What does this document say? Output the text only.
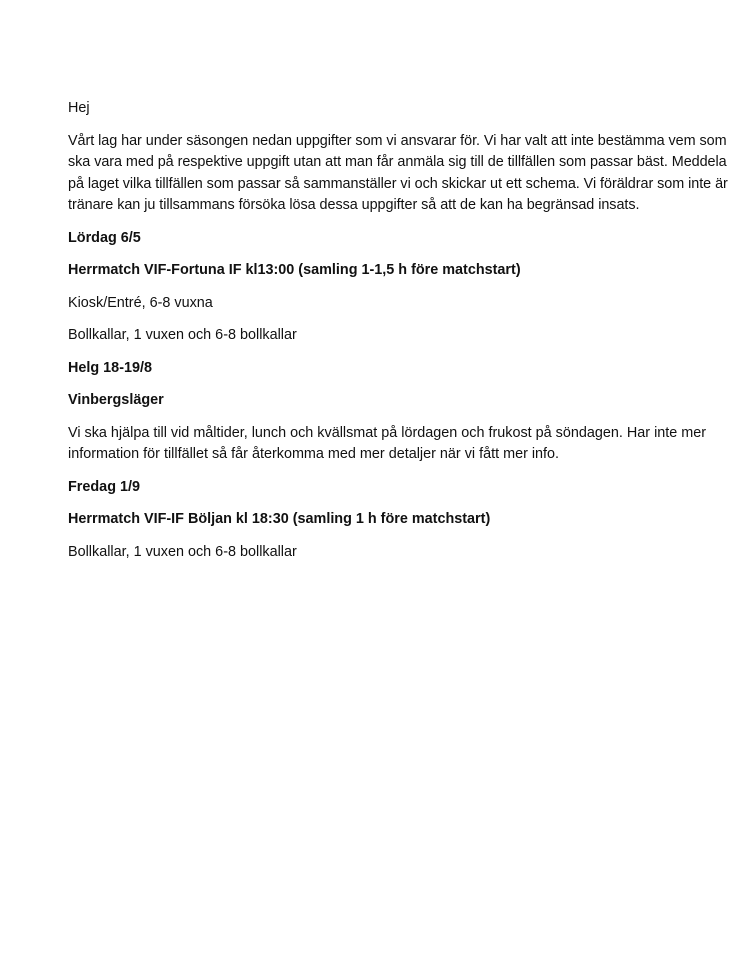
Hej

Vårt lag har under säsongen nedan uppgifter som vi ansvarar för. Vi har valt att inte bestämma vem som ska vara med på respektive uppgift utan att man får anmäla sig till de tillfällen som passar bäst. Meddela på laget vilka tillfällen som passar så sammanställer vi och skickar ut ett schema. Vi föräldrar som inte är tränare kan ju tillsammans försöka lösa dessa uppgifter så att de kan ha begränsad insats.

Lördag 6/5

Herrmatch VIF-Fortuna IF kl13:00 (samling 1-1,5 h före matchstart)

Kiosk/Entré, 6-8 vuxna

Bollkallar, 1 vuxen och 6-8 bollkallar

Helg 18-19/8

Vinbergsläger

Vi ska hjälpa till vid måltider, lunch och kvällsmat på lördagen och frukost på söndagen. Har inte mer information för tillfället så får återkomma med mer detaljer när vi fått mer info.

Fredag 1/9

Herrmatch VIF-IF Böljan kl 18:30 (samling 1 h före matchstart)

Bollkallar, 1 vuxen och 6-8 bollkallar
